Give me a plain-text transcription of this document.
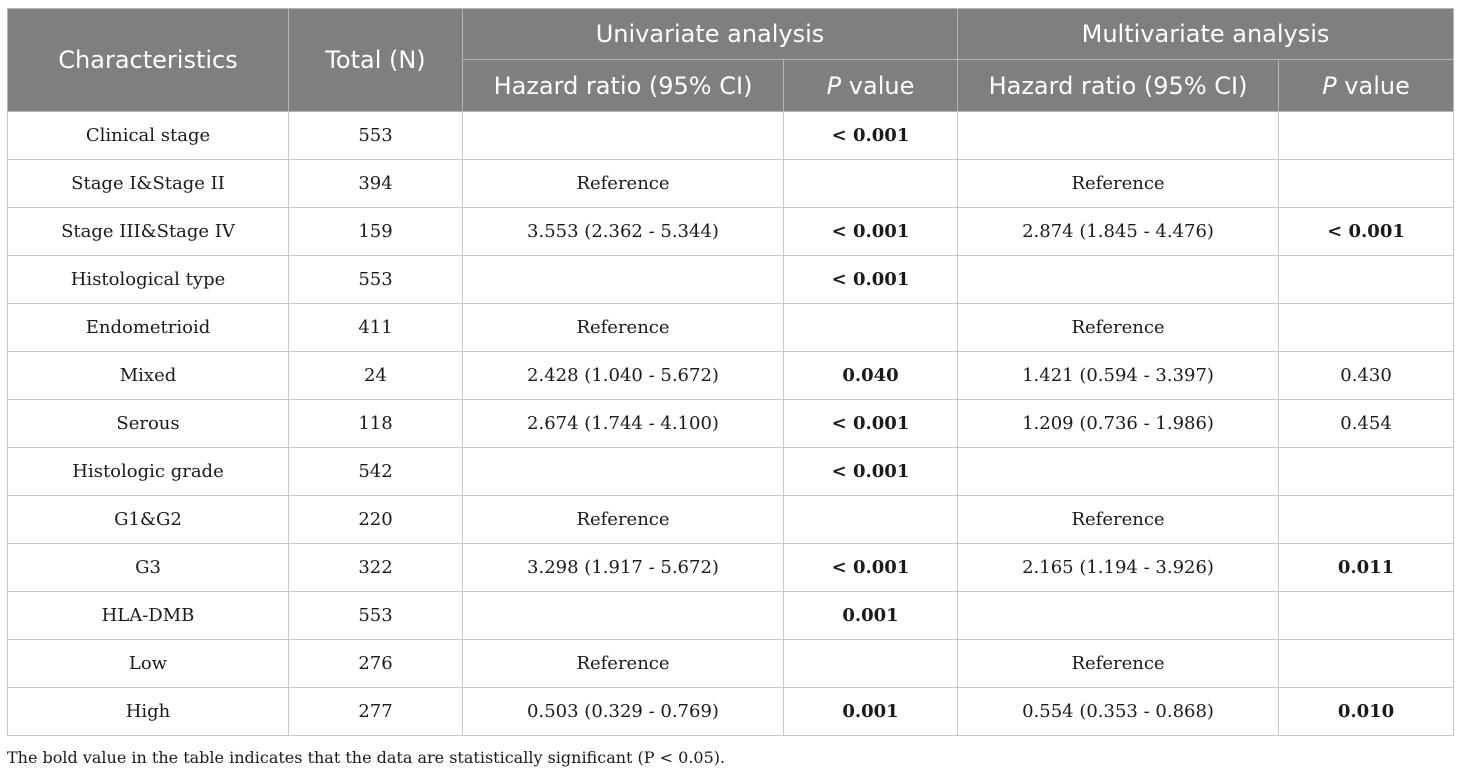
Characteristics	Total (N)	Univariate analysis		Multivariate analysis	
		Hazard ratio (95% CI)	P value	Hazard ratio (95% CI)	P value
Clinical stage	553		< 0.001		
Stage I&Stage II	394	Reference		Reference	
Stage III&Stage IV	159	3.553 (2.362 - 5.344)	< 0.001	2.874 (1.845 - 4.476)	< 0.001
Histological type	553		< 0.001		
Endometrioid	411	Reference		Reference	
Mixed	24	2.428 (1.040 - 5.672)	0.040	1.421 (0.594 - 3.397)	0.430
Serous	118	2.674 (1.744 - 4.100)	< 0.001	1.209 (0.736 - 1.986)	0.454
Histologic grade	542		< 0.001		
G1&G2	220	Reference		Reference	
G3	322	3.298 (1.917 - 5.672)	< 0.001	2.165 (1.194 - 3.926)	0.011
HLA-DMB	553		0.001		
Low	276	Reference		Reference	
High	277	0.503 (0.329 - 0.769)	0.001	0.554 (0.353 - 0.868)	0.010
The bold value in the table indicates that the data are statistically significant (P < 0.05).
